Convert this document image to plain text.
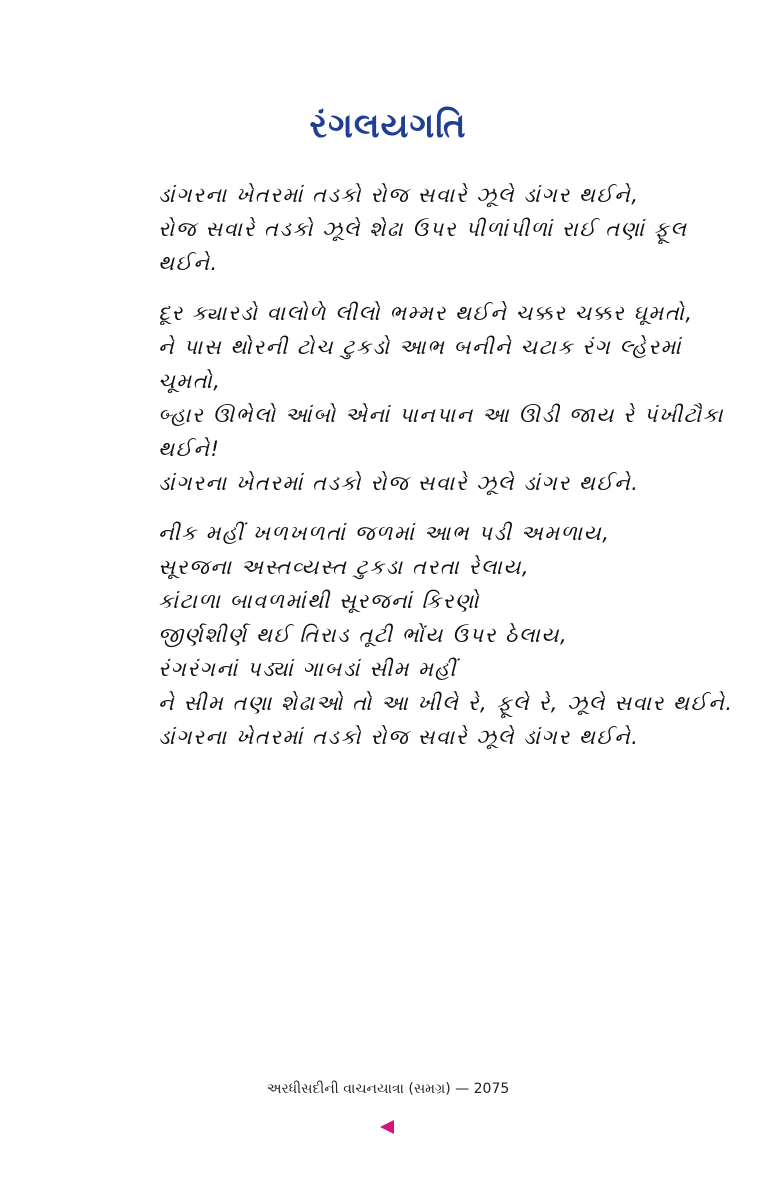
રંગલયગતિ
ડાંગરના ખેતરમાં તડકો રોજ સવારે ઝૂલે ડાંગર થઈને,
રોજ સવારે તડકો ઝૂલે શેઢા ઉપર પીળાંપીળાં રાઈ તણાં ફૂલ
થઈને.
દૂર ક્યારડો વાલોળે લીલો ભમ્મર થઈને ચક્કર ચક્કર ઘૂમતો,
ને પાસ થોરની ટોચ ટુકડો આભ બનીને ચટાક રંગ લ્હેરમાં
ચૂમતો,
બ્હાર ઊભેલો આંબો એનાં પાનપાન આ ઊડી જાય રે પંખીટૌકા
થઈને!
ડાંગરના ખેતરમાં તડકો રોજ સવારે ઝૂલે ડાંગર થઈને.
નીક મહીં ખળખળતાં જળમાં આભ પડી અમળાય,
સૂરજના અસ્તવ્યસ્ત ટુકડા તરતા રેલાય,
કાંટાળા બાવળમાંથી સૂરજનાં કિરણો
જીર્ણશીર્ણ થઈ તિરાડ તૂટી ભોંય ઉપર ઠેલાય,
રંગરંગનાં પડ્યાં ગાબડાં સીમ મહીં
ને સીમ તણા શેઢાઓ તો આ ખીલે રે, ફૂલે રે, ઝૂલે સવાર થઈને.
ડાંગરના ખેતરમાં તડકો રોજ સવારે ઝૂલે ડાંગર થઈને.
અરધીસદીની વાચનયાત્રા (સમગ્ર) — 2075
